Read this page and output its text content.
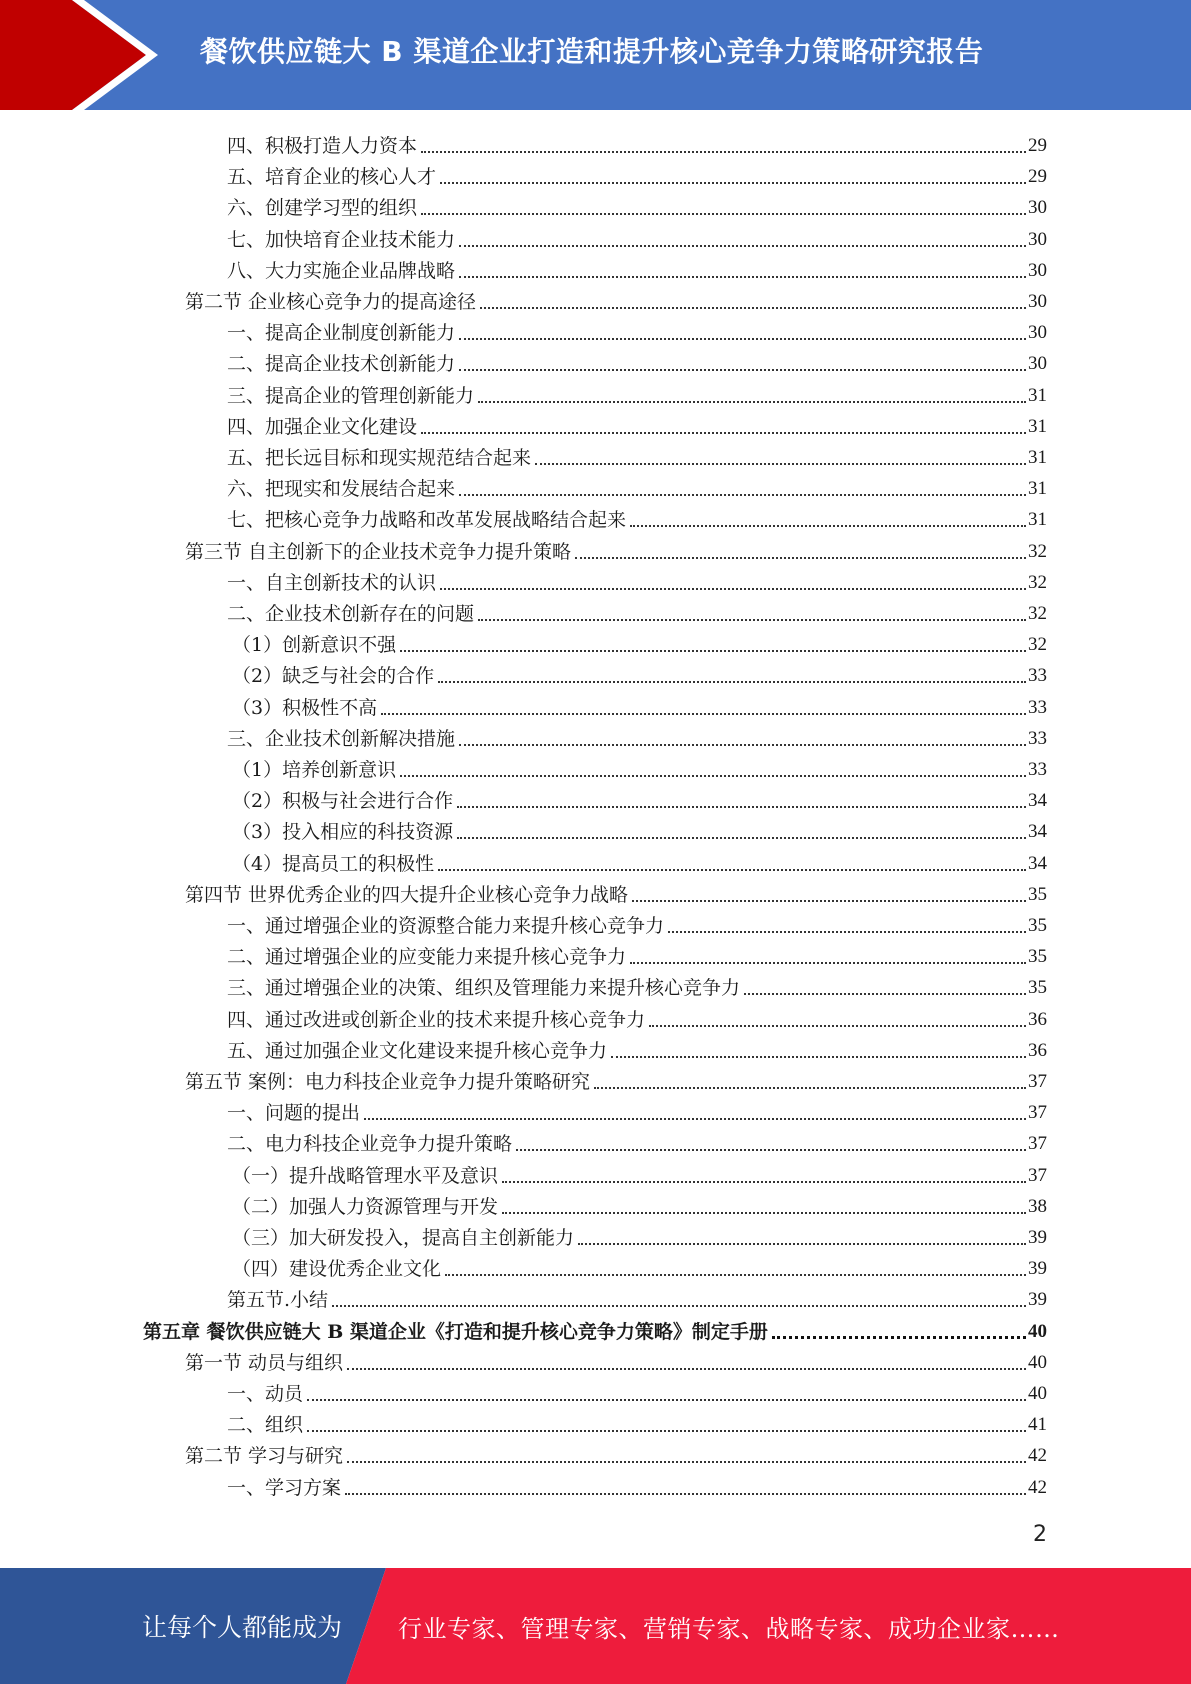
餐饮供应链大 B 渠道企业打造和提升核心竞争力策略研究报告
四、积极打造人力资本	29
五、培育企业的核心人才	29
六、创建学习型的组织	30
七、加快培育企业技术能力	30
八、大力实施企业品牌战略	30
第二节 企业核心竞争力的提高途径	30
一、提高企业制度创新能力	30
二、提高企业技术创新能力	30
三、提高企业的管理创新能力	31
四、加强企业文化建设	31
五、把长远目标和现实规范结合起来	31
六、把现实和发展结合起来	31
七、把核心竞争力战略和改革发展战略结合起来	31
第三节 自主创新下的企业技术竞争力提升策略	32
一、自主创新技术的认识	32
二、企业技术创新存在的问题	32
（1）创新意识不强	32
（2）缺乏与社会的合作	33
（3）积极性不高	33
三、企业技术创新解决措施	33
（1）培养创新意识	33
（2）积极与社会进行合作	34
（3）投入相应的科技资源	34
（4）提高员工的积极性	34
第四节 世界优秀企业的四大提升企业核心竞争力战略	35
一、通过增强企业的资源整合能力来提升核心竞争力	35
二、通过增强企业的应变能力来提升核心竞争力	35
三、通过增强企业的决策、组织及管理能力来提升核心竞争力	35
四、通过改进或创新企业的技术来提升核心竞争力	36
五、通过加强企业文化建设来提升核心竞争力	36
第五节 案例：电力科技企业竞争力提升策略研究	37
一、问题的提出	37
二、电力科技企业竞争力提升策略	37
（一）提升战略管理水平及意识	37
（二）加强人力资源管理与开发	38
（三）加大研发投入，提高自主创新能力	39
（四）建设优秀企业文化	39
第五节.小结	39
第五章 餐饮供应链大 B 渠道企业《打造和提升核心竞争力策略》制定手册	40
第一节 动员与组织	40
一、动员	40
二、组织	41
第二节 学习与研究	42
一、学习方案	42
2
让每个人都能成为 行业专家、管理专家、营销专家、战略专家、成功企业家……
